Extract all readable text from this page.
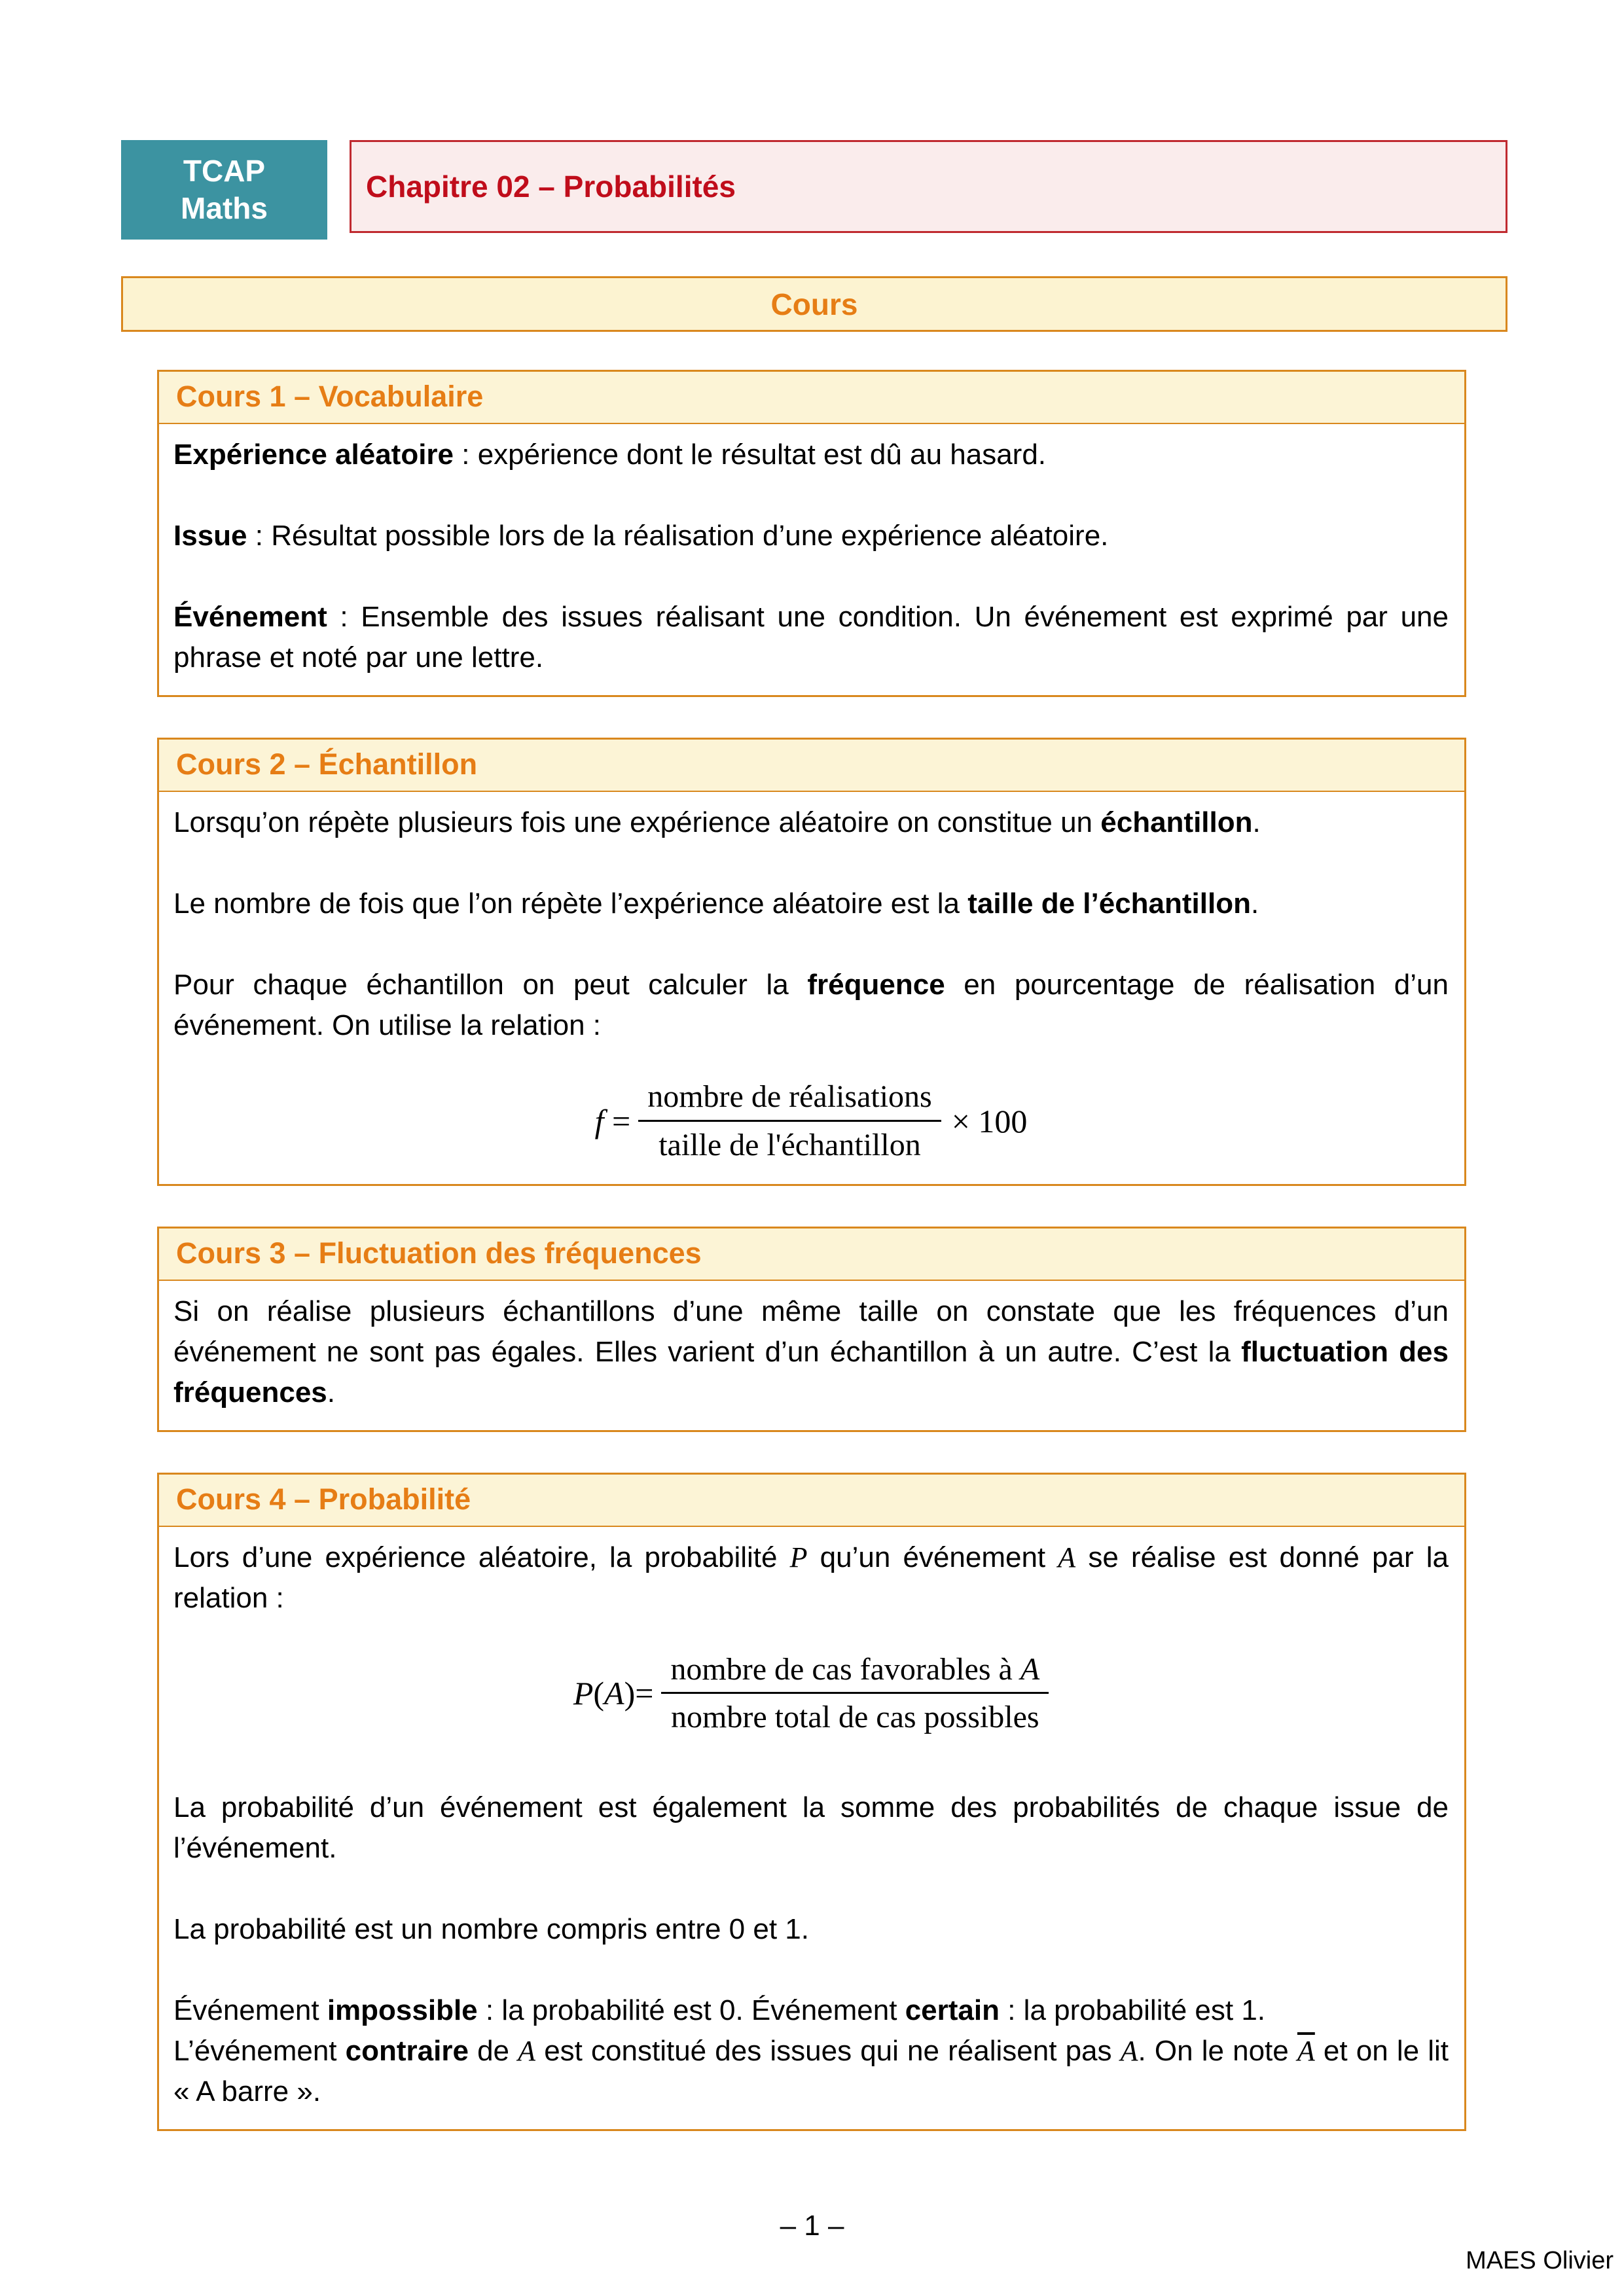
TCAP
Maths
Chapitre 02 – Probabilités
Cours
Cours 1 – Vocabulaire
Expérience aléatoire : expérience dont le résultat est dû au hasard.
Issue : Résultat possible lors de la réalisation d’une expérience aléatoire.
Événement : Ensemble des issues réalisant une condition. Un événement est exprimé par une phrase et noté par une lettre.
Cours 2 – Échantillon
Lorsqu’on répète plusieurs fois une expérience aléatoire on constitue un échantillon.
Le nombre de fois que l’on répète l’expérience aléatoire est la taille de l’échantillon.
Pour chaque échantillon on peut calculer la fréquence en pourcentage de réalisation d’un événement. On utilise la relation :
$f = \frac{\text{nombre de réalisations}}{\text{taille de l'échantillon}} \times 100$
Cours 3 – Fluctuation des fréquences
Si on réalise plusieurs échantillons d’une même taille on constate que les fréquences d’un événement ne sont pas égales. Elles varient d’un échantillon à un autre. C’est la fluctuation des fréquences.
Cours 4 – Probabilité
Lors d’une expérience aléatoire, la probabilité P qu’un événement A se réalise est donné par la relation :
$P(A)= \frac{\text{nombre de cas favorables à A}}{\text{nombre total de cas possibles}}$
La probabilité d’un événement est également la somme des probabilités de chaque issue de l’événement.
La probabilité est un nombre compris entre 0 et 1.
Événement impossible : la probabilité est 0. Événement certain : la probabilité est 1.
L’événement contraire de A est constitué des issues qui ne réalisent pas A. On le note $\overline{A}$ et on le lit « A barre ».
– 1 –
MAES Olivier
